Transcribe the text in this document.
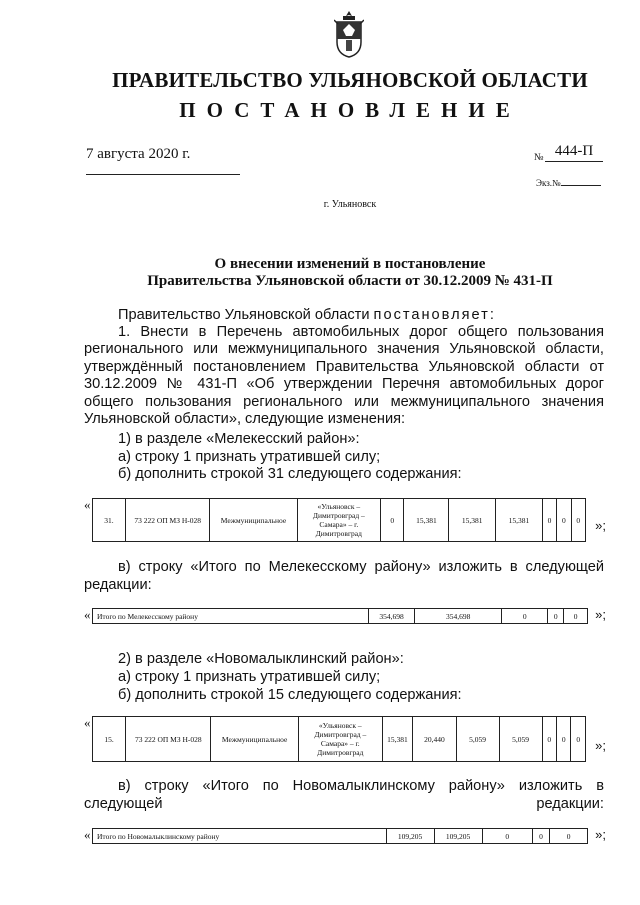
ПРАВИТЕЛЬСТВО УЛЬЯНОВСКОЙ ОБЛАСТИ
ПОСТАНОВЛЕНИЕ
7 августа 2020 г.	№ 444-П
Экз.№
г. Ульяновск
О внесении изменений в постановление
Правительства Ульяновской области от 30.12.2009 № 431-П
Правительство Ульяновской области постановляет:
1. Внести в Перечень автомобильных дорог общего пользования регионального или межмуниципального значения Ульяновской области, утверждённый постановлением Правительства Ульяновской области от 30.12.2009 № 431-П «Об утверждении Перечня автомобильных дорог общего пользования регионального или межмуниципального значения Ульяновской области», следующие изменения:
1) в разделе «Мелекесский район»:
а) строку 1 признать утратившей силу;
б) дополнить строкой 31 следующего содержания:
«
31.	73 222 ОП МЗ Н-028	Межмуниципальное	«Ульяновск – Димитровград – Самара» – г. Димитровград	0	15,381	15,381	15,381	0	0	0 »;
в) строку «Итого по Мелекесскому району» изложить в следующей редакции:
« Итого по Мелекесскому району	354,698	354,698	0	0	0 »;
2) в разделе «Новомалыклинский район»:
а) строку 1 признать утратившей силу;
б) дополнить строкой 15 следующего содержания:
«
15.	73 222 ОП МЗ Н-028	Межмуниципальное	«Ульяновск – Димитровград – Самара» – г. Димитровград	15,381	20,440	5,059	5,059	0	0	0 »;
в) строку «Итого по Новомалыклинскому району» изложить в следующей редакции:
« Итого по Новомалыклинскому району	109,205	109,205	0	0	0 »;
